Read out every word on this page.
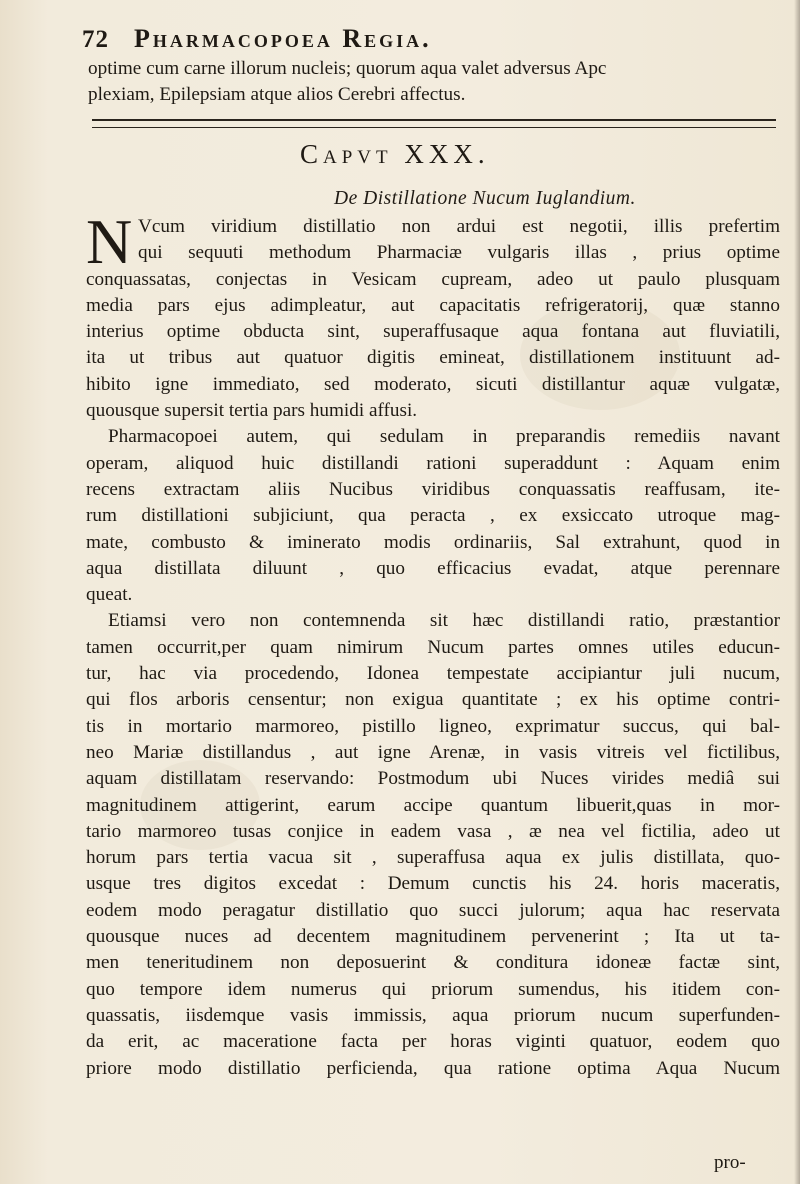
72 Pharmacopoea Regia.
optime cum carne illorum nucleis; quorum aqua valet adversus Apc
plexiam, Epilepsiam atque alios Cerebri affectus.
Capvt XXX.
De Distillatione Nucum Iuglandium.
N Vcum viridium distillatio non ardui est negotii, illis prefertim
qui sequuti methodum Pharmaciæ vulgaris illas , prius optime
conquassatas, conjectas in Vesicam cupream, adeo ut paulo plusquam
media pars ejus adimpleatur, aut capacitatis refrigeratorij, quæ stanno
interius optime obducta sint, superaffusaque aqua fontana aut fluviatili,
ita ut tribus aut quatuor digitis emineat, distillationem instituunt ad-
hibito igne immediato, sed moderato, sicuti distillantur aquæ vulgatæ,
quousque supersit tertia pars humidi affusi.
Pharmacopoei autem, qui sedulam in preparandis remediis navant
operam, aliquod huic distillandi rationi superaddunt : Aquam enim
recens extractam aliis Nucibus viridibus conquassatis reaffusam, ite-
rum distillationi subjiciunt, qua peracta , ex exsiccato utroque mag-
mate, combusto & iminerato modis ordinariis, Sal extrahunt, quod in
aqua distillata diluunt , quo efficacius evadat, atque perennare
queat.
Etiamsi vero non contemnenda sit hæc distillandi ratio, præstantior
tamen occurrit,per quam nimirum Nucum partes omnes utiles educun-
tur, hac via procedendo, Idonea tempestate accipiantur juli nucum,
qui flos arboris censentur; non exigua quantitate ; ex his optime contri-
tis in mortario marmoreo, pistillo ligneo, exprimatur succus, qui bal-
neo Mariæ distillandus , aut igne Arenæ, in vasis vitreis vel fictilibus,
aquam distillatam reservando: Postmodum ubi Nuces virides mediâ sui
magnitudinem attigerint, earum accipe quantum libuerit,quas in mor-
tario marmoreo tusas conjice in eadem vasa , æ nea vel fictilia, adeo ut
horum pars tertia vacua sit , superaffusa aqua ex julis distillata, quo-
usque tres digitos excedat : Demum cunctis his 24. horis maceratis,
eodem modo peragatur distillatio quo succi julorum; aqua hac reservata
quousque nuces ad decentem magnitudinem pervenerint ; Ita ut ta-
men teneritudinem non deposuerint & conditura idoneæ factæ sint,
quo tempore idem numerus qui priorum sumendus, his itidem con-
quassatis, iisdemque vasis immissis, aqua priorum nucum superfunden-
da erit, ac maceratione facta per horas viginti quatuor, eodem quo
priore modo distillatio perficienda, qua ratione optima Aqua Nucum
pro-
